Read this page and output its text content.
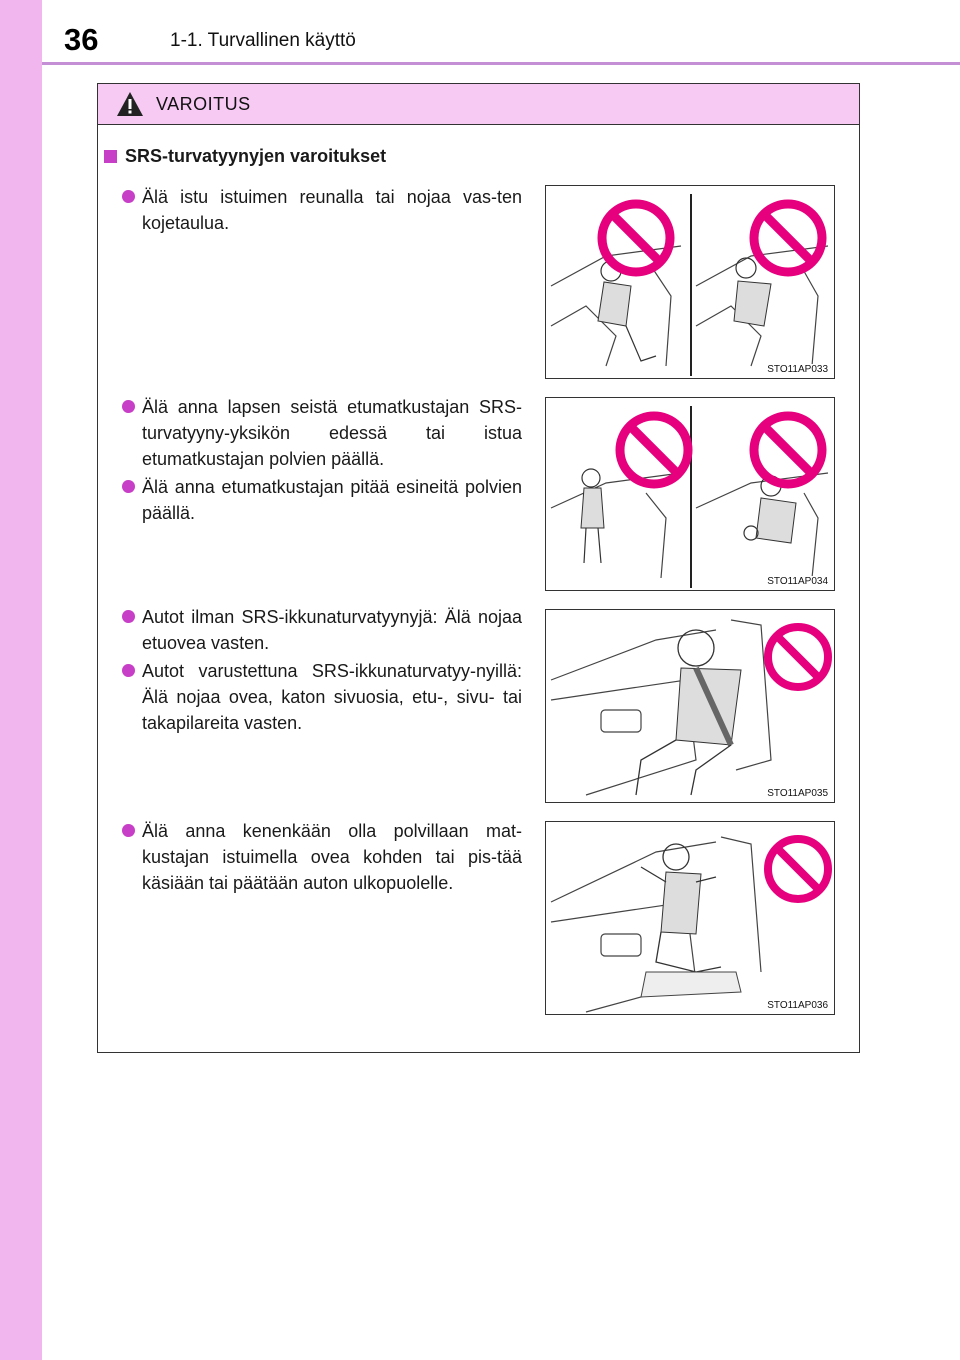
36	1-1. Turvallinen käyttö
VAROITUS
SRS-turvatyynyjen varoitukset
Älä istu istuimen reunalla tai nojaa vas-ten kojetaulua.
Älä anna lapsen seistä etumatkustajan SRS-turvatyyny-yksikön edessä tai istua etumatkustajan polvien päällä.
Älä anna etumatkustajan pitää esineitä polvien päällä.
Autot ilman SRS-ikkunaturvatyynyjä: Älä nojaa etuovea vasten.
Autot varustettuna SRS-ikkunaturvatyy-nyillä: Älä nojaa ovea, katon sivuosia, etu-, sivu- tai takapilareita vasten.
Älä anna kenenkään olla polvillaan mat-kustajan istuimella ovea kohden tai pis-tää käsiään tai päätään auton ulkopuolelle.
STO11AP033
STO11AP034
STO11AP035
STO11AP036
